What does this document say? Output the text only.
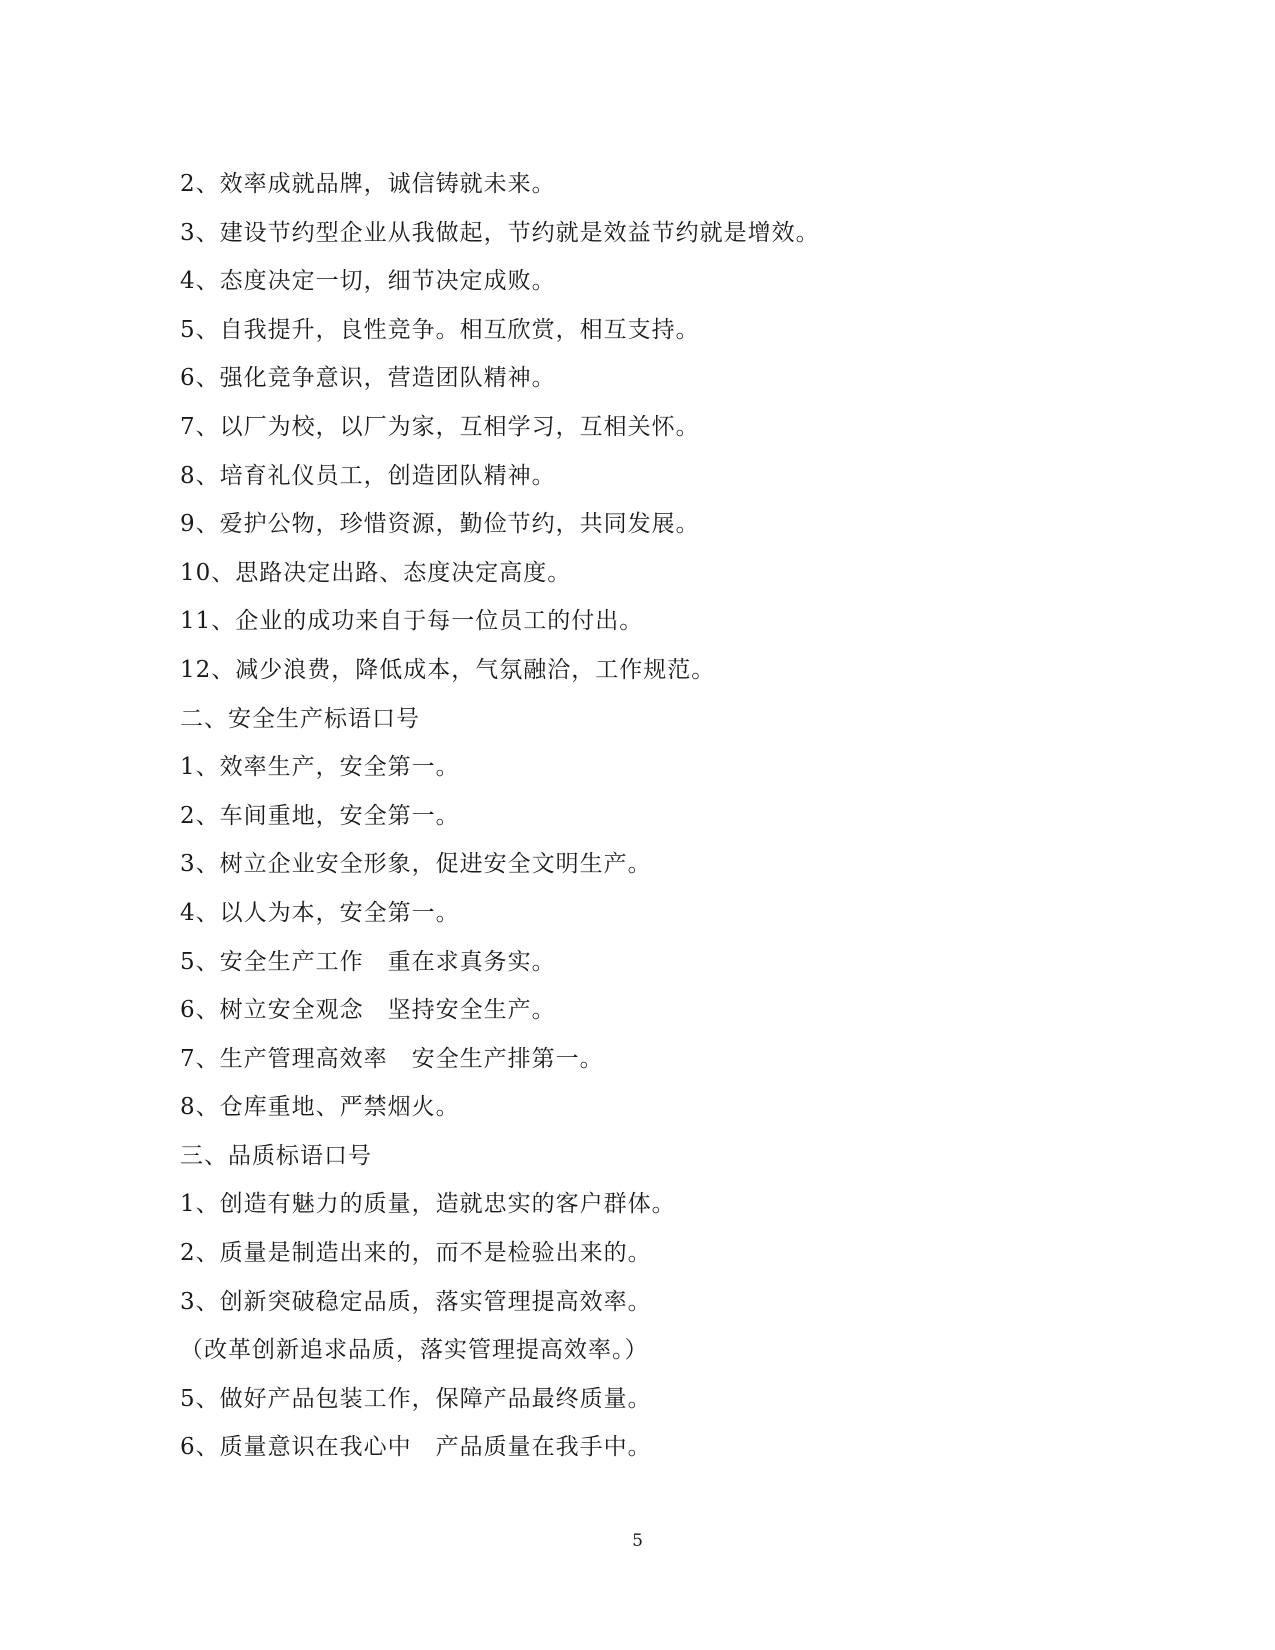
2、效率成就品牌，诚信铸就未来。
3、建设节约型企业从我做起，节约就是效益节约就是增效。
4、态度决定一切，细节决定成败。
5、自我提升，良性竞争。相互欣赏，相互支持。
6、强化竞争意识，营造团队精神。
7、以厂为校，以厂为家，互相学习，互相关怀。
8、培育礼仪员工，创造团队精神。
9、爱护公物，珍惜资源，勤俭节约，共同发展。
10、思路决定出路、态度决定高度。
11、企业的成功来自于每一位员工的付出。
12、减少浪费，降低成本，气氛融洽，工作规范。
二、安全生产标语口号
1、效率生产，安全第一。
2、车间重地，安全第一。
3、树立企业安全形象，促进安全文明生产。
4、以人为本，安全第一。
5、安全生产工作　重在求真务实。
6、树立安全观念　坚持安全生产。
7、生产管理高效率　安全生产排第一。
8、仓库重地、严禁烟火。
三、品质标语口号
1、创造有魅力的质量，造就忠实的客户群体。
2、质量是制造出来的，而不是检验出来的。
3、创新突破稳定品质，落实管理提高效率。
（改革创新追求品质，落实管理提高效率。）
5、做好产品包装工作，保障产品最终质量。
6、质量意识在我心中　产品质量在我手中。
5
